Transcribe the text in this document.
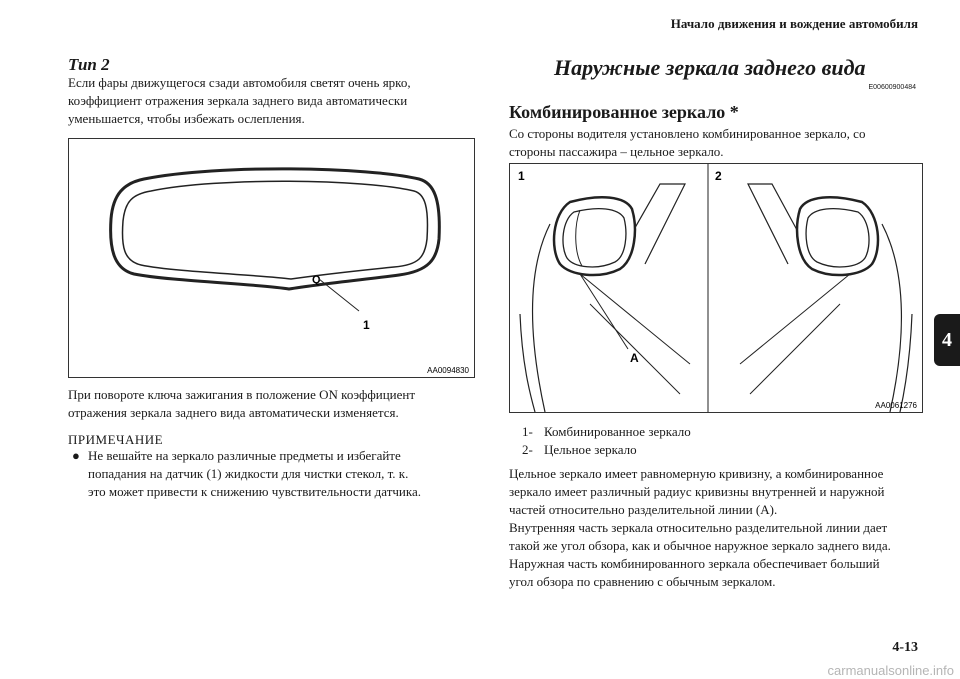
Начало движения и вождение автомобиля
4
4-13
carmanualsonline.info
Тип 2
Если фары движущегося сзади автомобиля светят очень ярко,
коэффициент отражения зеркала заднего вида автоматически
уменьшается, чтобы избежать ослепления.
Q
1
AA0094830
При повороте ключа зажигания в положение ON коэффициент
отражения зеркала заднего вида автоматически изменяется.
ПРИМЕЧАНИЕ
● Не вешайте на зеркало различные предметы и избегайте
попадания на датчик (1) жидкости для чистки стекол, т. к.
это может привести к снижению чувствительности датчика.
Наружные зеркала заднего вида
E00600900484
Комбинированное зеркало *
Со стороны водителя установлено комбинированное зеркало, со
стороны пассажира – цельное зеркало.
1
A
2
AA0061276
1- Комбинированное зеркало
2- Цельное зеркало
Цельное зеркало имеет равномерную кривизну, а комбинированное
зеркало имеет различный радиус кривизны внутренней и наружной
частей относительно разделительной линии (А).
Внутренняя часть зеркала относительно разделительной линии дает
такой же угол обзора, как и обычное наружное зеркало заднего вида.
Наружная часть комбинированного зеркала обеспечивает больший
угол обзора по сравнению с обычным зеркалом.
